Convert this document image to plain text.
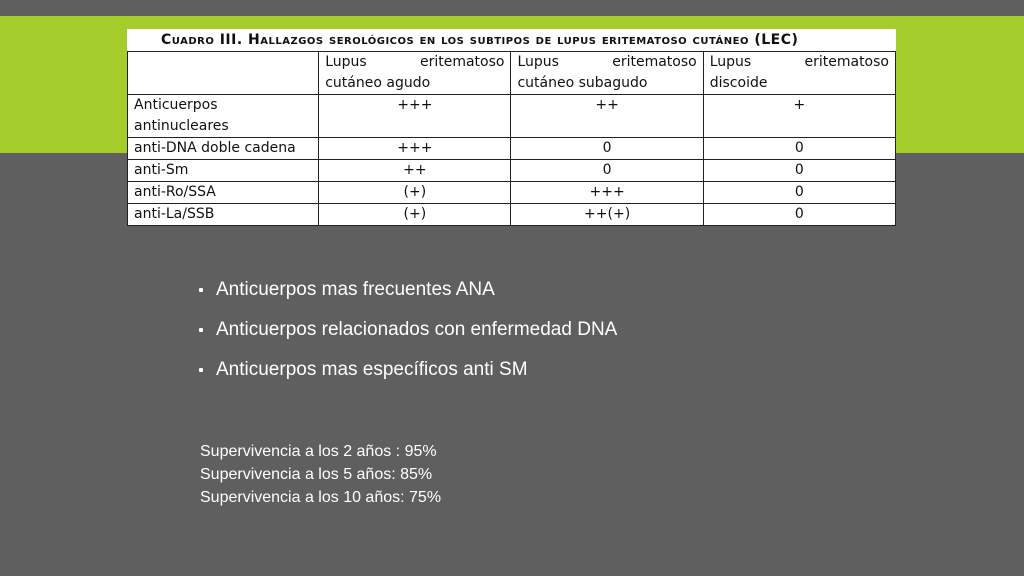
Cuadro III. Hallazgos serológicos en los subtipos de lupus eritematoso cutáneo (LEC)
	Lupus eritematoso cutáneo agudo	Lupus eritematoso cutáneo subagudo	Lupus eritematoso discoide
Anticuerpos antinucleares	+++	++	+
anti-DNA doble cadena	+++	0	0
anti-Sm	++	0	0
anti-Ro/SSA	(+)	+++	0
anti-La/SSB	(+)	++(+)	0
Anticuerpos mas frecuentes ANA
Anticuerpos relacionados con enfermedad DNA
Anticuerpos mas específicos anti SM
Supervivencia a los 2 años : 95%
Supervivencia a los 5 años: 85%
Supervivencia a los 10 años: 75%
